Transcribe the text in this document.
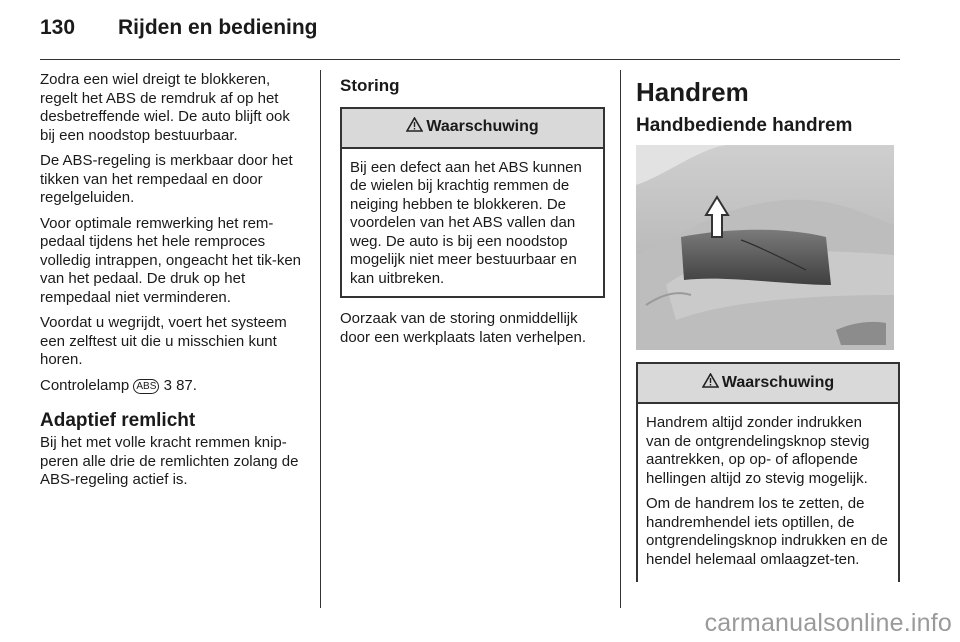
130	Rijden en bediening

Zodra een wiel dreigt te blokkeren, regelt het ABS de remdruk af op het desbetreffende wiel. De auto blijft ook bij een noodstop bestuurbaar.

De ABS-regeling is merkbaar door het tikken van het rempedaal en door regelgeluiden.

Voor optimale remwerking het rem-pedaal tijdens het hele remproces volledig intrappen, ongeacht het tik-ken van het pedaal. De druk op het rempedaal niet verminderen.

Voordat u wegrijdt, voert het systeem een zelftest uit die u misschien kunt horen.

Controlelamp ABS 3 87.

Adaptief remlicht

Bij het met volle kracht remmen knip-peren alle drie de remlichten zolang de ABS-regeling actief is.

Storing
Waarschuwing

Bij een defect aan het ABS kunnen de wielen bij krachtig remmen de neiging hebben te blokkeren. De voordelen van het ABS vallen dan weg. De auto is bij een noodstop mogelijk niet meer bestuurbaar en kan uitbreken.

Oorzaak van de storing onmiddellijk door een werkplaats laten verhelpen.

Handrem
Handbediende handrem
Waarschuwing

Handrem altijd zonder indrukken van de ontgrendelingsknop stevig aantrekken, op op- of aflopende hellingen altijd zo stevig mogelijk.

Om de handrem los te zetten, de handremhendel iets optillen, de ontgrendelingsknop indrukken en de hendel helemaal omlaagzet-ten.

carmanualsonline.info
